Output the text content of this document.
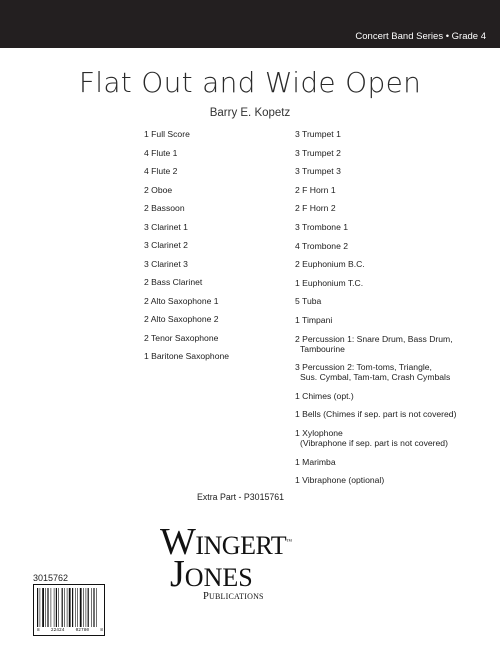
Concert Band Series • Grade 4
Flat Out and Wide Open
Barry E. Kopetz
1 Full Score
4 Flute 1
4 Flute 2
2 Oboe
2 Bassoon
3 Clarinet 1
3 Clarinet 2
3 Clarinet 3
2 Bass Clarinet
2 Alto Saxophone 1
2 Alto Saxophone 2
2 Tenor Saxophone
1 Baritone Saxophone
3 Trumpet 1
3 Trumpet 2
3 Trumpet 3
2 F Horn 1
2 F Horn 2
3 Trombone 1
4 Trombone 2
2 Euphonium B.C.
1 Euphonium T.C.
5 Tuba
1 Timpani
2 Percussion 1: Snare Drum, Bass Drum,
Tambourine
3 Percussion 2: Tom-toms, Triangle,
Sus. Cymbal, Tam-tam, Crash Cymbals
1 Chimes (opt.)
1 Bells (Chimes if sep. part is not covered)
1 Xylophone
(Vibraphone if sep. part is not covered)
1 Marimba
1 Vibraphone (optional)
Extra Part - P3015761
WINGERT™
JONES
PUBLICATIONS
3015762
8 22424 02780 8
